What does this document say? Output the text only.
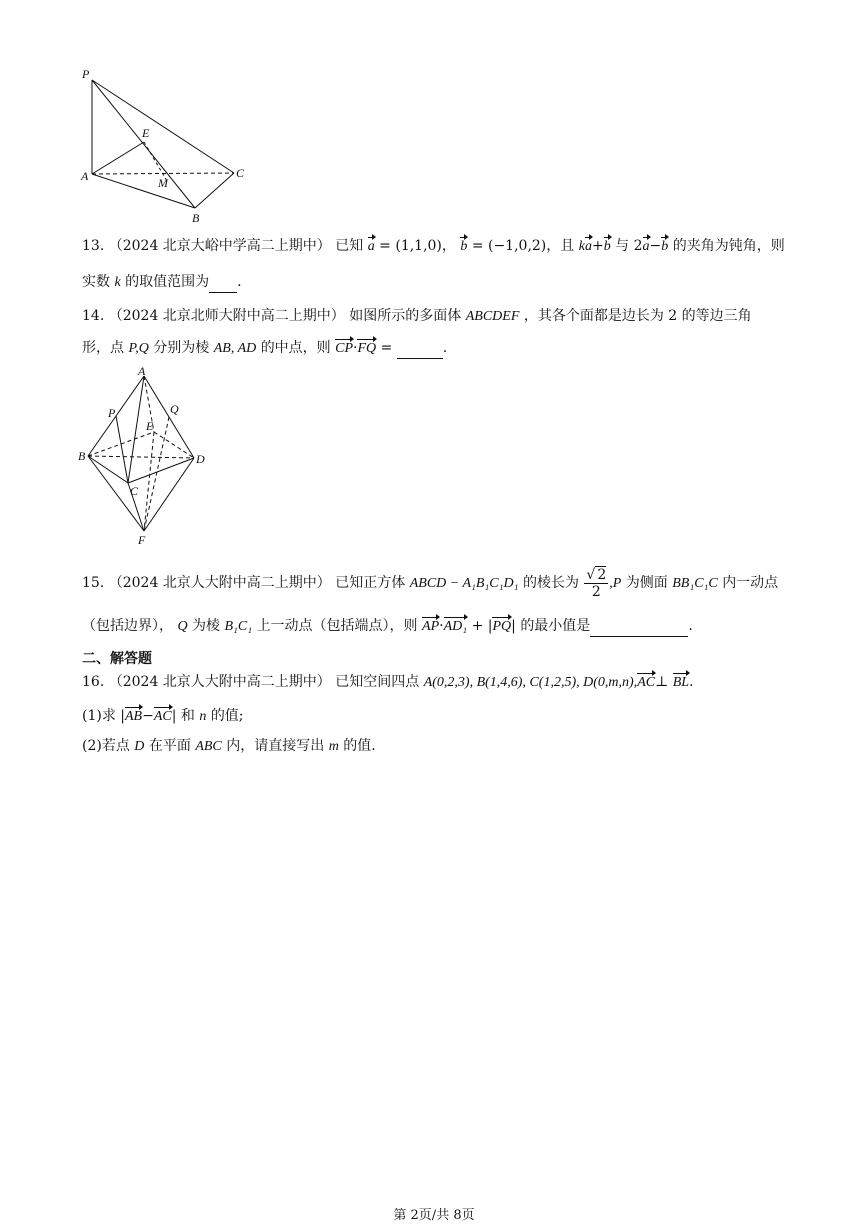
P
E
A	M
C
B
13. （2024 北京大峪中学高二上期中） 已知 a = (1,1,0)， b = (−1,0,2)，且 ka+b 与 2a−b 的夹角为钝角，则
实数 k 的取值范围为 .
14. （2024 北京北师大附中高二上期中） 如图所示的多面体 ABCDEF ，其各个面都是边长为 2 的等边三角
形，点 P,Q 分别为棱 AB, AD 的中点，则 CP·FQ =	.
A
P	Q
E
B	D
C
F
15. （2024 北京人大附中高二上期中） 已知正方体 ABCD − A₁B₁C₁D₁ 的棱长为 $\frac{√ 2}{2} ,P$ 为侧面 BB₁C₁C 内一动点
（包括边界）， Q 为棱 B₁C₁ 上一动点（包括端点），则 AP·AD₁ + |PQ| 的最小值是	.
二、解答题
16. （2024 北京人大附中高二上期中） 已知空间四点 A(0,2,3), B(1,4,6), C(1,2,5), D(0,m,n),AC⊥ BL.
(1)求 |AB−AC| 和 n 的值;
(2)若点 D 在平面 ABC 内，请直接写出 m 的值.
第 2页/共 8页
